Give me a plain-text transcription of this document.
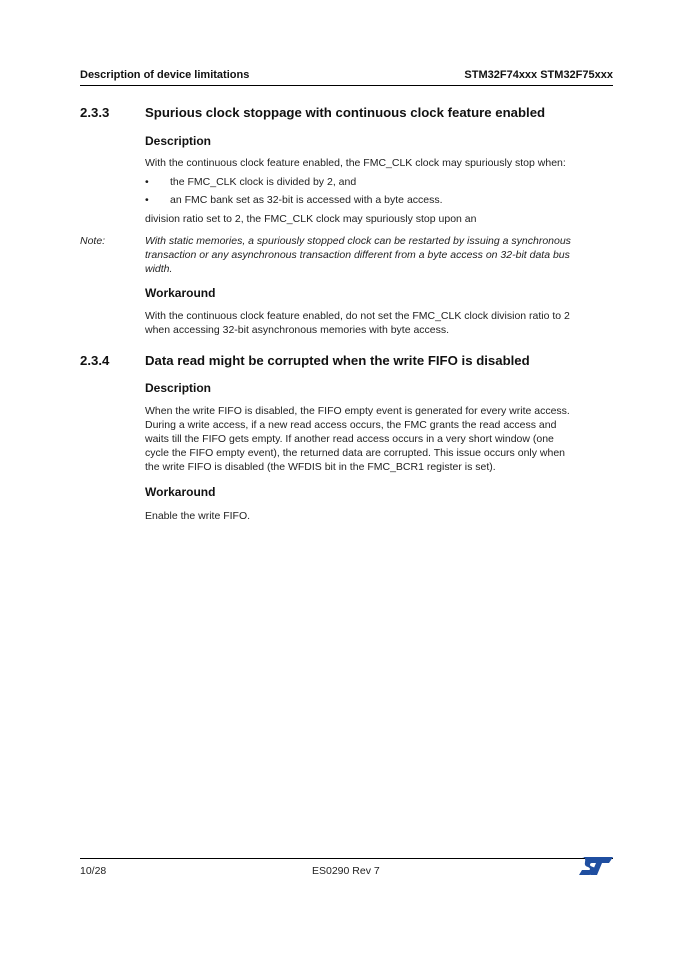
Description of device limitations	STM32F74xxx STM32F75xxx
2.3.3	Spurious clock stoppage with continuous clock feature enabled
Description
With the continuous clock feature enabled, the FMC_CLK clock may spuriously stop when:
• the FMC_CLK clock is divided by 2, and
• an FMC bank set as 32-bit is accessed with a byte access.
division ratio set to 2, the FMC_CLK clock may spuriously stop upon an
Note:	With static memories, a spuriously stopped clock can be restarted by issuing a synchronous
transaction or any asynchronous transaction different from a byte access on 32-bit data bus
width.
Workaround
With the continuous clock feature enabled, do not set the FMC_CLK clock division ratio to 2
when accessing 32-bit asynchronous memories with byte access.
2.3.4	Data read might be corrupted when the write FIFO is disabled
Description
When the write FIFO is disabled, the FIFO empty event is generated for every write access.
During a write access, if a new read access occurs, the FMC grants the read access and
waits till the FIFO gets empty. If another read access occurs in a very short window (one
cycle the FIFO empty event), the returned data are corrupted. This issue occurs only when
the write FIFO is disabled (the WFDIS bit in the FMC_BCR1 register is set).
Workaround
Enable the write FIFO.
10/28	ES0290 Rev 7
